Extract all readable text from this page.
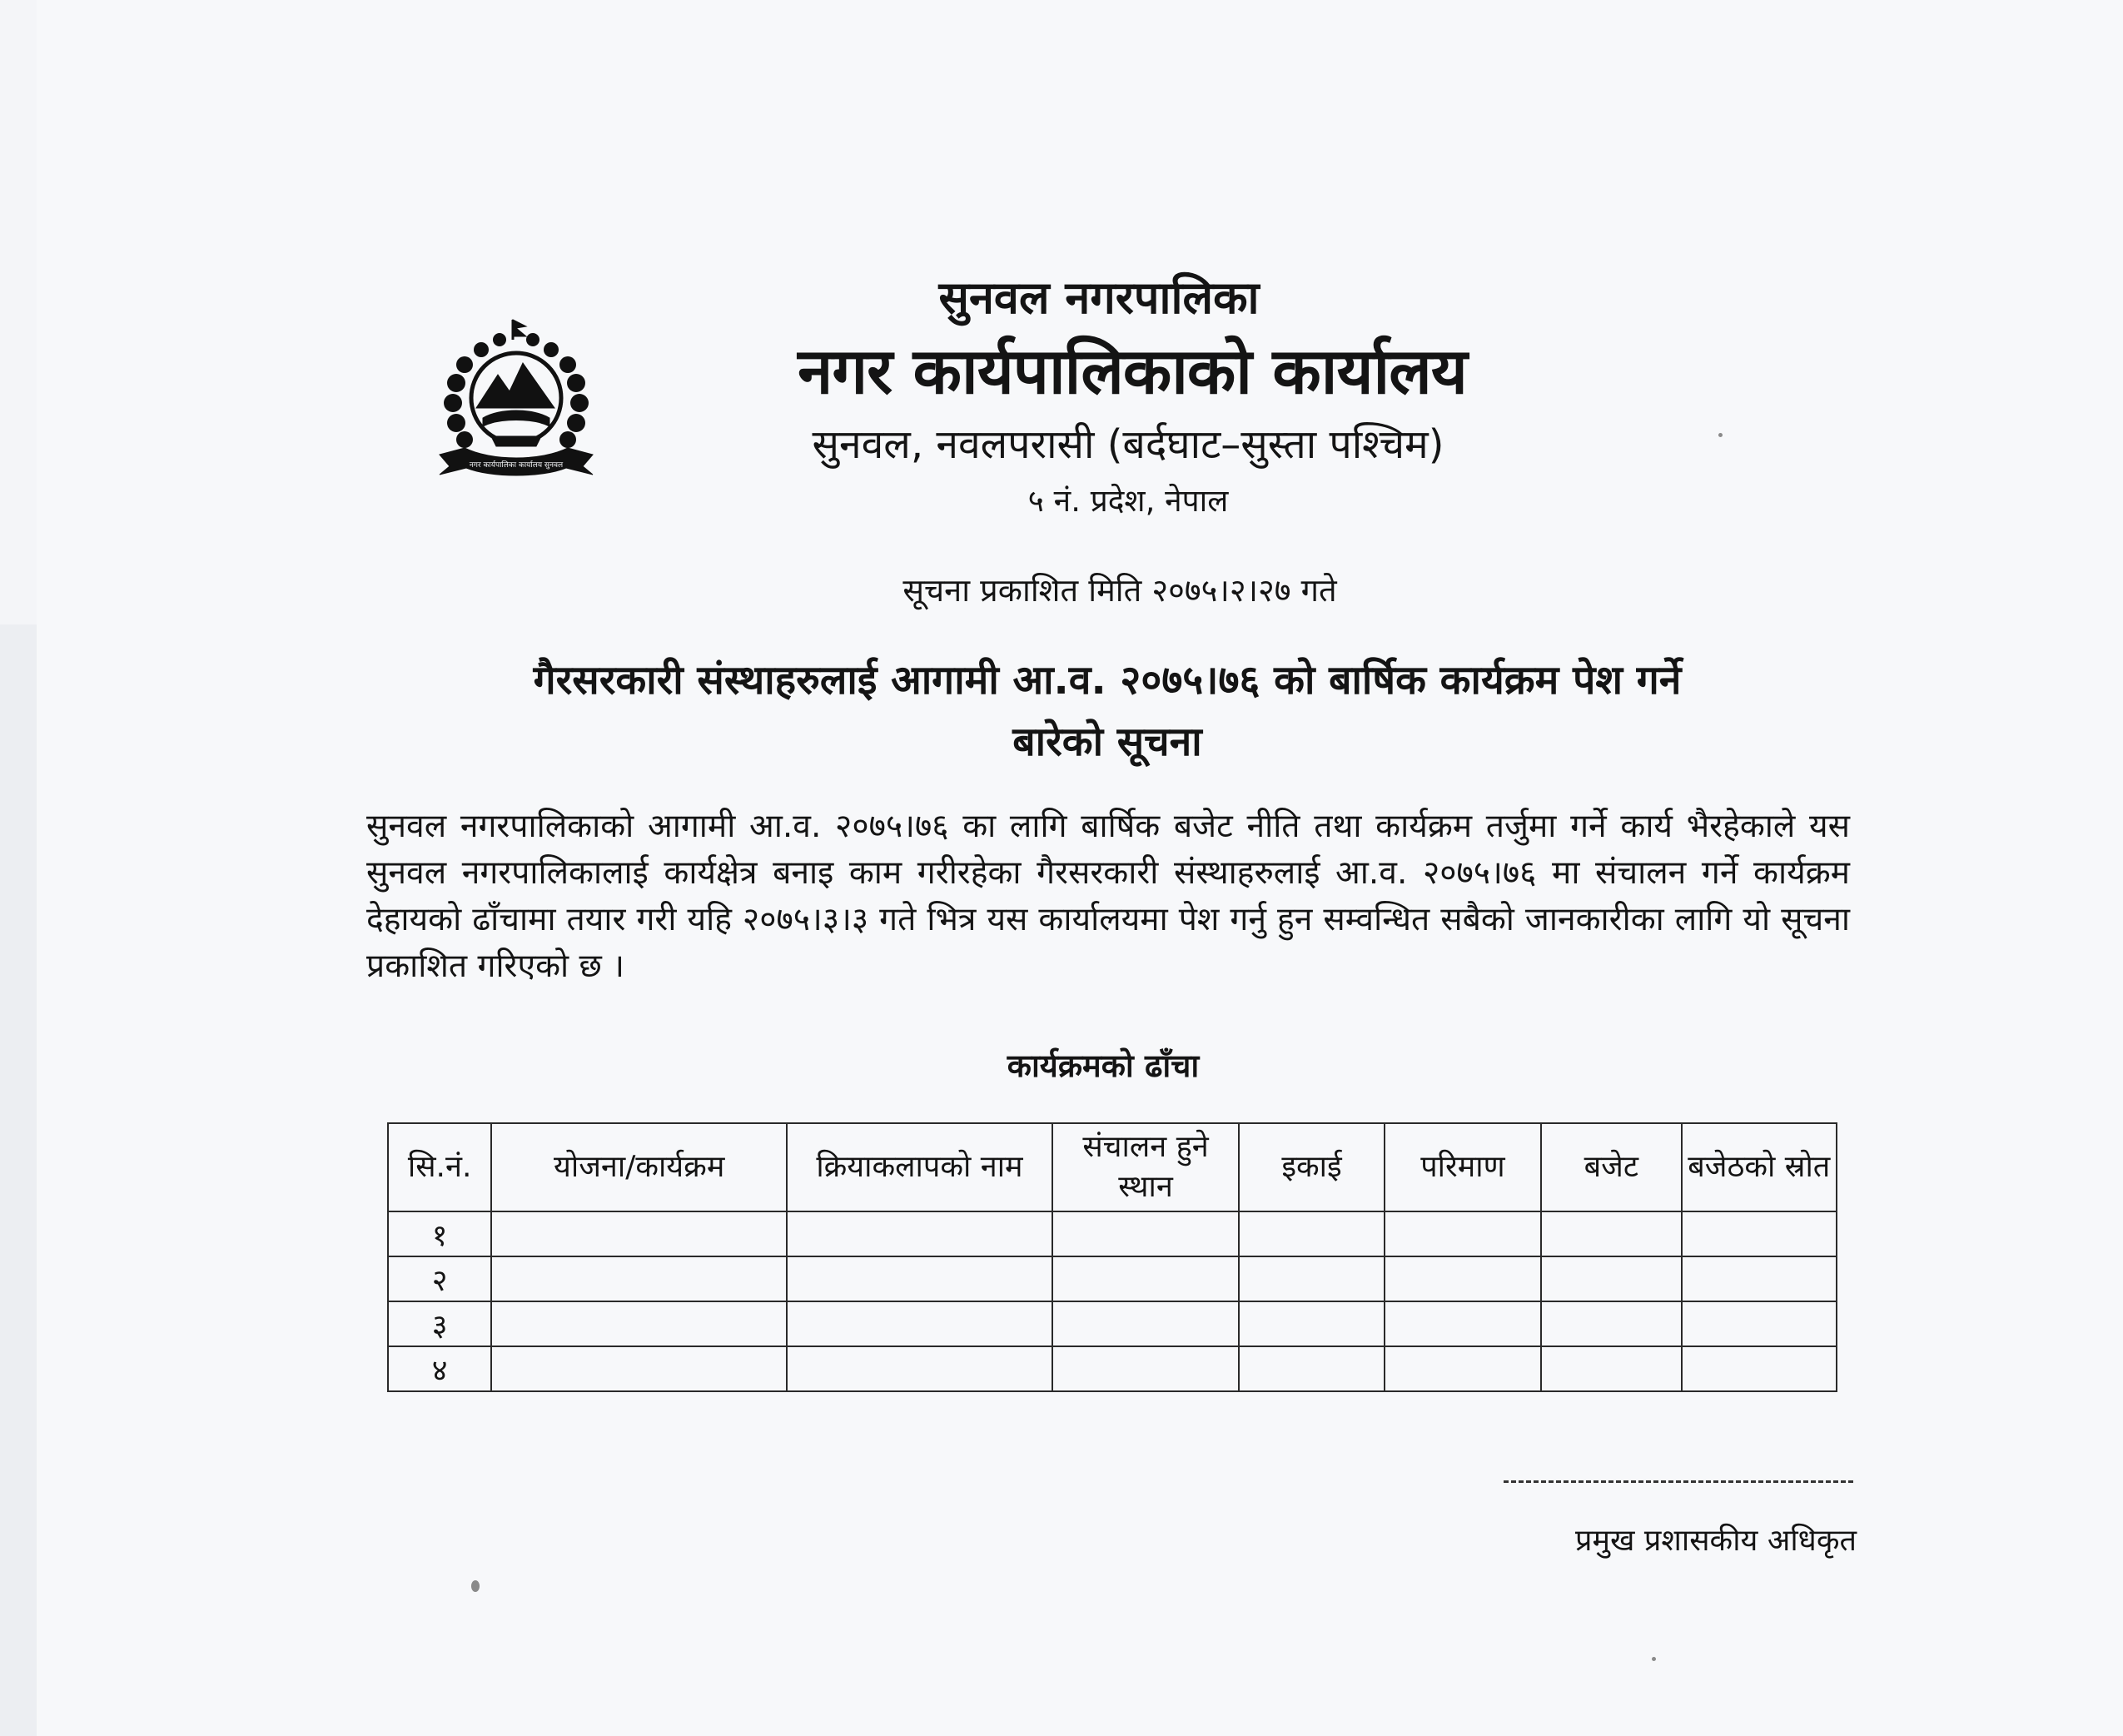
नगर कार्यपालिका कार्यालय सुनवल
सुनवल नगरपालिका
नगर कार्यपालिकाको कार्यालय
सुनवल, नवलपरासी (बर्दघाट–सुस्ता पश्चिम)
५ नं. प्रदेश, नेपाल
सूचना प्रकाशित मिति २०७५।२।२७ गते
गैरसरकारी संस्थाहरुलाई आगामी आ.व. २०७५।७६ को बार्षिक कार्यक्रम पेश गर्ने
बारेको सूचना
सुनवल नगरपालिकाको आगामी आ.व. २०७५।७६ का लागि बार्षिक बजेट नीति तथा कार्यक्रम तर्जुमा गर्ने कार्य भैरहेकाले यस सुनवल नगरपालिकालाई कार्यक्षेत्र बनाइ काम गरीरहेका गैरसरकारी संस्थाहरुलाई आ.व. २०७५।७६ मा संचालन गर्ने कार्यक्रम देहायको ढाँचामा तयार गरी यहि २०७५।३।३ गते भित्र यस कार्यालयमा पेश गर्नु हुन सम्वन्धित सबैको जानकारीका लागि यो सूचना प्रकाशित गरिएको छ ।
कार्यक्रमको ढाँचा
सि.नं.	योजना/कार्यक्रम	क्रियाकलापको नाम	संचालन हुने स्थान	इकाई	परिमाण	बजेट	बजेठको स्रोत
१							
२							
३							
४							
प्रमुख प्रशासकीय अधिकृत
